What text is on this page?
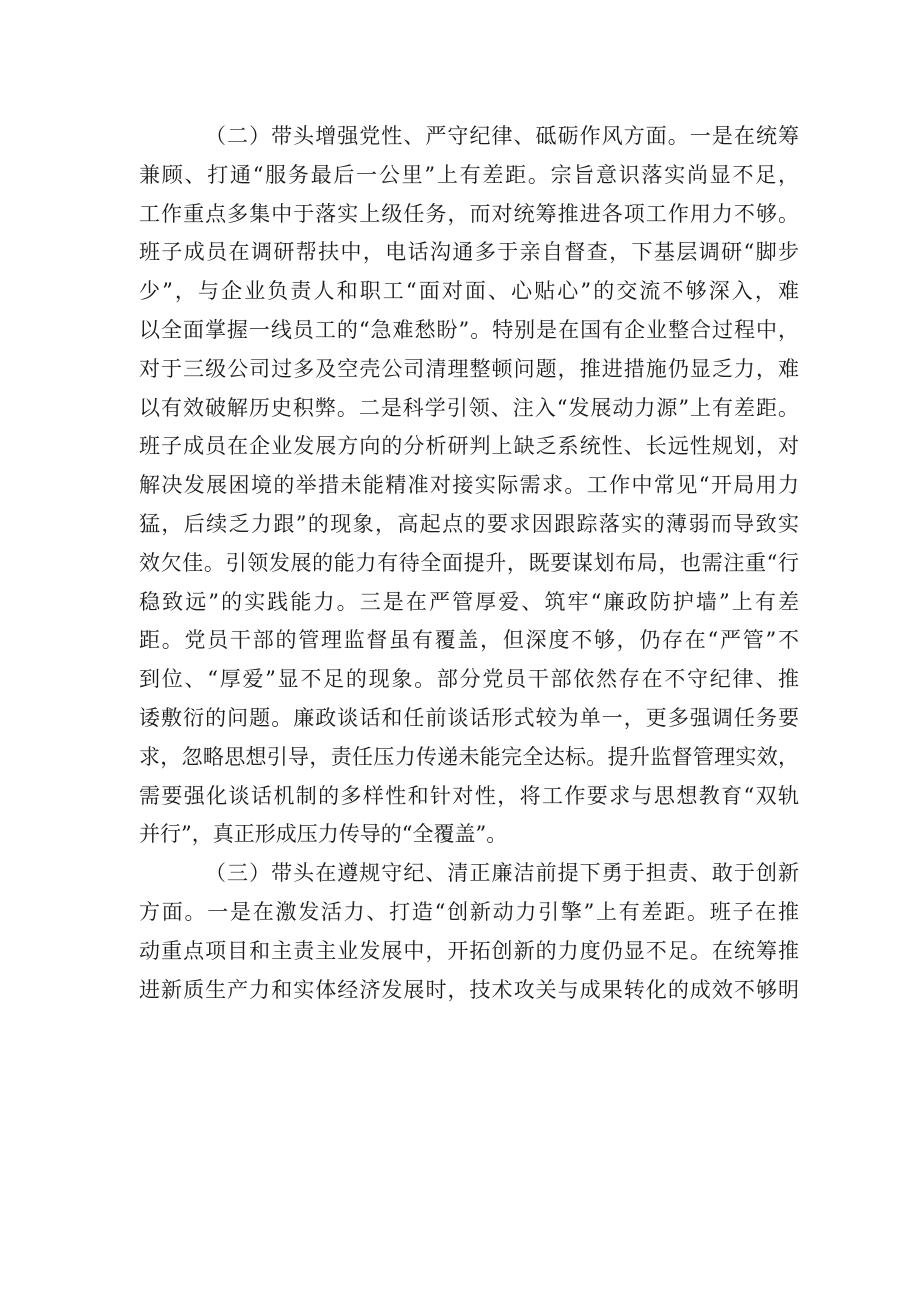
（二）带头增强党性、严守纪律、砥砺作风方面。一是在统筹
兼顾、打通“服务最后一公里”上有差距。宗旨意识落实尚显不足，
工作重点多集中于落实上级任务，而对统筹推进各项工作用力不够。
班子成员在调研帮扶中，电话沟通多于亲自督查，下基层调研“脚步
少”，与企业负责人和职工“面对面、心贴心”的交流不够深入，难
以全面掌握一线员工的“急难愁盼”。特别是在国有企业整合过程中，
对于三级公司过多及空壳公司清理整顿问题，推进措施仍显乏力，难
以有效破解历史积弊。二是科学引领、注入“发展动力源”上有差距。
班子成员在企业发展方向的分析研判上缺乏系统性、长远性规划，对
解决发展困境的举措未能精准对接实际需求。工作中常见“开局用力
猛，后续乏力跟”的现象，高起点的要求因跟踪落实的薄弱而导致实
效欠佳。引领发展的能力有待全面提升，既要谋划布局，也需注重“行
稳致远”的实践能力。三是在严管厚爱、筑牢“廉政防护墙”上有差
距。党员干部的管理监督虽有覆盖，但深度不够，仍存在“严管”不
到位、“厚爱”显不足的现象。部分党员干部依然存在不守纪律、推
诿敷衍的问题。廉政谈话和任前谈话形式较为单一，更多强调任务要
求，忽略思想引导，责任压力传递未能完全达标。提升监督管理实效，
需要强化谈话机制的多样性和针对性，将工作要求与思想教育“双轨
并行”，真正形成压力传导的“全覆盖”。
（三）带头在遵规守纪、清正廉洁前提下勇于担责、敢于创新
方面。一是在激发活力、打造“创新动力引擎”上有差距。班子在推
动重点项目和主责主业发展中，开拓创新的力度仍显不足。在统筹推
进新质生产力和实体经济发展时，技术攻关与成果转化的成效不够明
